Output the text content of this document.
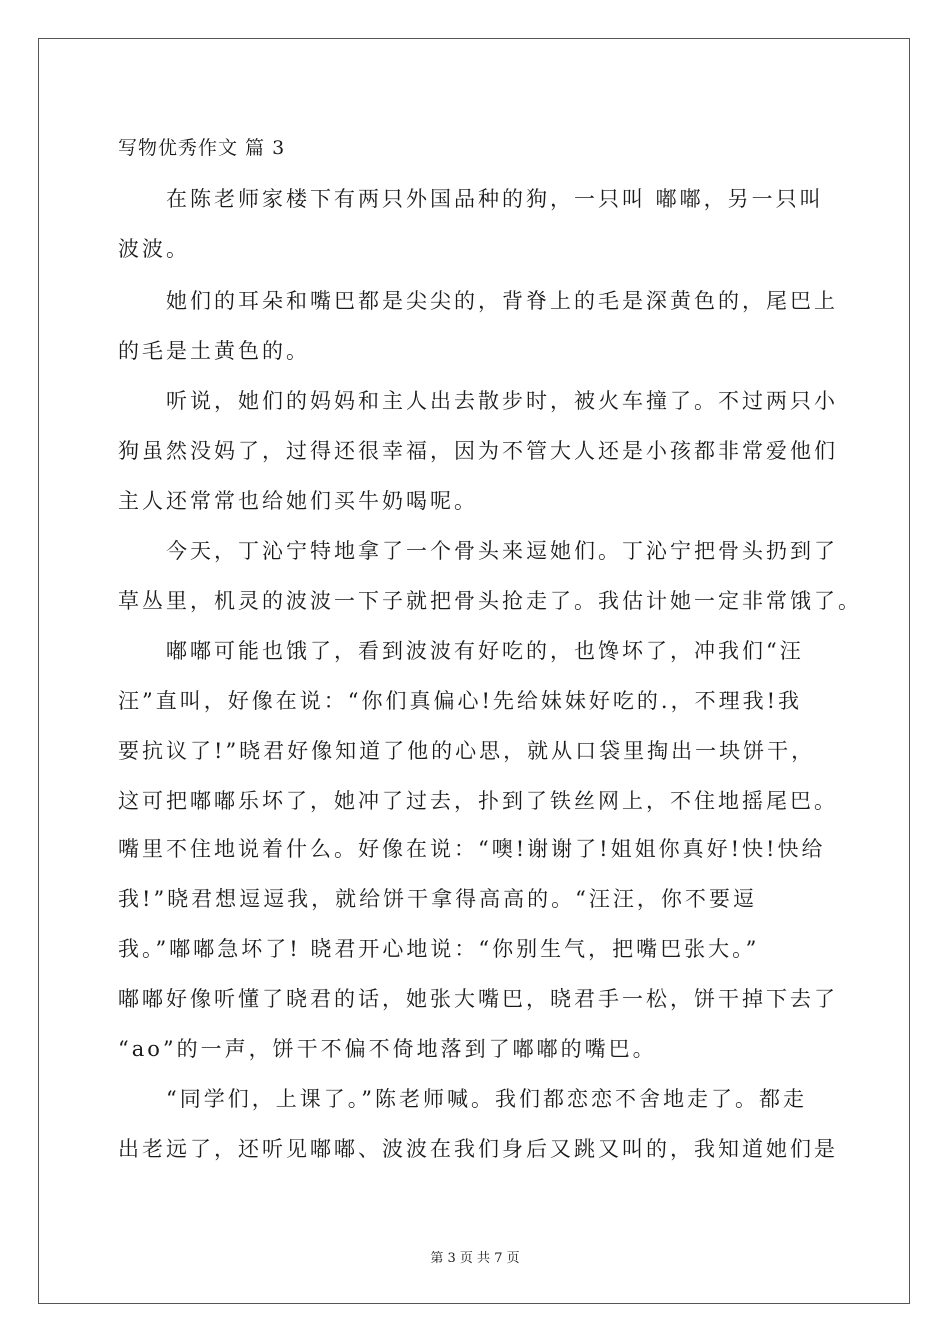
写物优秀作文 篇 3
　　在陈老师家楼下有两只外国品种的狗，一只叫 嘟嘟，另一只叫
波波。
　　她们的耳朵和嘴巴都是尖尖的，背脊上的毛是深黄色的，尾巴上
的毛是土黄色的。
　　听说，她们的妈妈和主人出去散步时，被火车撞了。不过两只小
狗虽然没妈了，过得还很幸福，因为不管大人还是小孩都非常爱他们
主人还常常也给她们买牛奶喝呢。
　　今天，丁沁宁特地拿了一个骨头来逗她们。丁沁宁把骨头扔到了
草丛里，机灵的波波一下子就把骨头抢走了。我估计她一定非常饿了。
　　嘟嘟可能也饿了，看到波波有好吃的，也馋坏了，冲我们“汪
汪”直叫，好像在说：“你们真偏心!先给妹妹好吃的.，不理我!我
要抗议了!”晓君好像知道了他的心思，就从口袋里掏出一块饼干，
这可把嘟嘟乐坏了，她冲了过去，扑到了铁丝网上，不住地摇尾巴。
嘴里不住地说着什么。好像在说：“噢!谢谢了!姐姐你真好!快!快给
我!”晓君想逗逗我，就给饼干拿得高高的。“汪汪，你不要逗
我。”嘟嘟急坏了! 晓君开心地说：“你别生气，把嘴巴张大。”
嘟嘟好像听懂了晓君的话，她张大嘴巴，晓君手一松，饼干掉下去了
“ao”的一声，饼干不偏不倚地落到了嘟嘟的嘴巴。
　　“同学们，上课了。”陈老师喊。我们都恋恋不舍地走了。都走
出老远了，还听见嘟嘟、波波在我们身后又跳又叫的，我知道她们是
第 3 页 共 7 页
